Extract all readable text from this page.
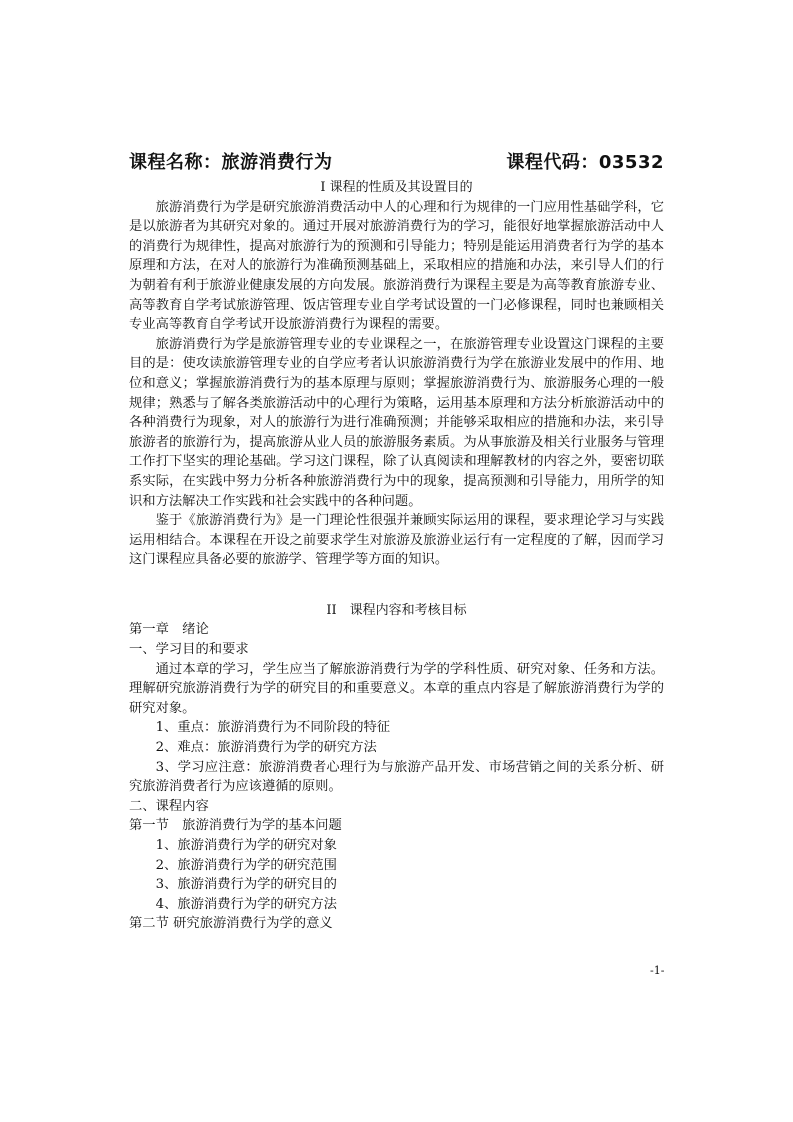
课程名称：旅游消费行为	课程代码：03532
I 课程的性质及其设置目的

旅游消费行为学是研究旅游消费活动中人的心理和行为规律的一门应用性基础学科，它是以旅游者为其研究对象的。通过开展对旅游消费行为的学习，能很好地掌握旅游活动中人的消费行为规律性，提高对旅游行为的预测和引导能力；特别是能运用消费者行为学的基本原理和方法，在对人的旅游行为准确预测基础上，采取相应的措施和办法，来引导人们的行为朝着有利于旅游业健康发展的方向发展。旅游消费行为课程主要是为高等教育旅游专业、高等教育自学考试旅游管理、饭店管理专业自学考试设置的一门必修课程，同时也兼顾相关专业高等教育自学考试开设旅游消费行为课程的需要。

旅游消费行为学是旅游管理专业的专业课程之一，在旅游管理专业设置这门课程的主要目的是：使攻读旅游管理专业的自学应考者认识旅游消费行为学在旅游业发展中的作用、地位和意义；掌握旅游消费行为的基本原理与原则；掌握旅游消费行为、旅游服务心理的一般规律；熟悉与了解各类旅游活动中的心理行为策略，运用基本原理和方法分析旅游活动中的各种消费行为现象，对人的旅游行为进行准确预测；并能够采取相应的措施和办法，来引导旅游者的旅游行为，提高旅游从业人员的旅游服务素质。为从事旅游及相关行业服务与管理工作打下坚实的理论基础。学习这门课程，除了认真阅读和理解教材的内容之外，要密切联系实际，在实践中努力分析各种旅游消费行为中的现象，提高预测和引导能力，用所学的知识和方法解决工作实践和社会实践中的各种问题。

鉴于《旅游消费行为》是一门理论性很强并兼顾实际运用的课程，要求理论学习与实践运用相结合。本课程在开设之前要求学生对旅游及旅游业运行有一定程度的了解，因而学习这门课程应具备必要的旅游学、管理学等方面的知识。

II　课程内容和考核目标
第一章　绪论
一、学习目的和要求

通过本章的学习，学生应当了解旅游消费行为学的学科性质、研究对象、任务和方法。理解研究旅游消费行为学的研究目的和重要意义。本章的重点内容是了解旅游消费行为学的研究对象。

1、重点：旅游消费行为不同阶段的特征
2、难点：旅游消费行为学的研究方法

3、学习应注意：旅游消费者心理行为与旅游产品开发、市场营销之间的关系分析、研究旅游消费者行为应该遵循的原则。

二、课程内容
第一节　旅游消费行为学的基本问题
1、旅游消费行为学的研究对象
2、旅游消费行为学的研究范围
3、旅游消费行为学的研究目的
4、旅游消费行为学的研究方法
第二节 研究旅游消费行为学的意义
-1-
